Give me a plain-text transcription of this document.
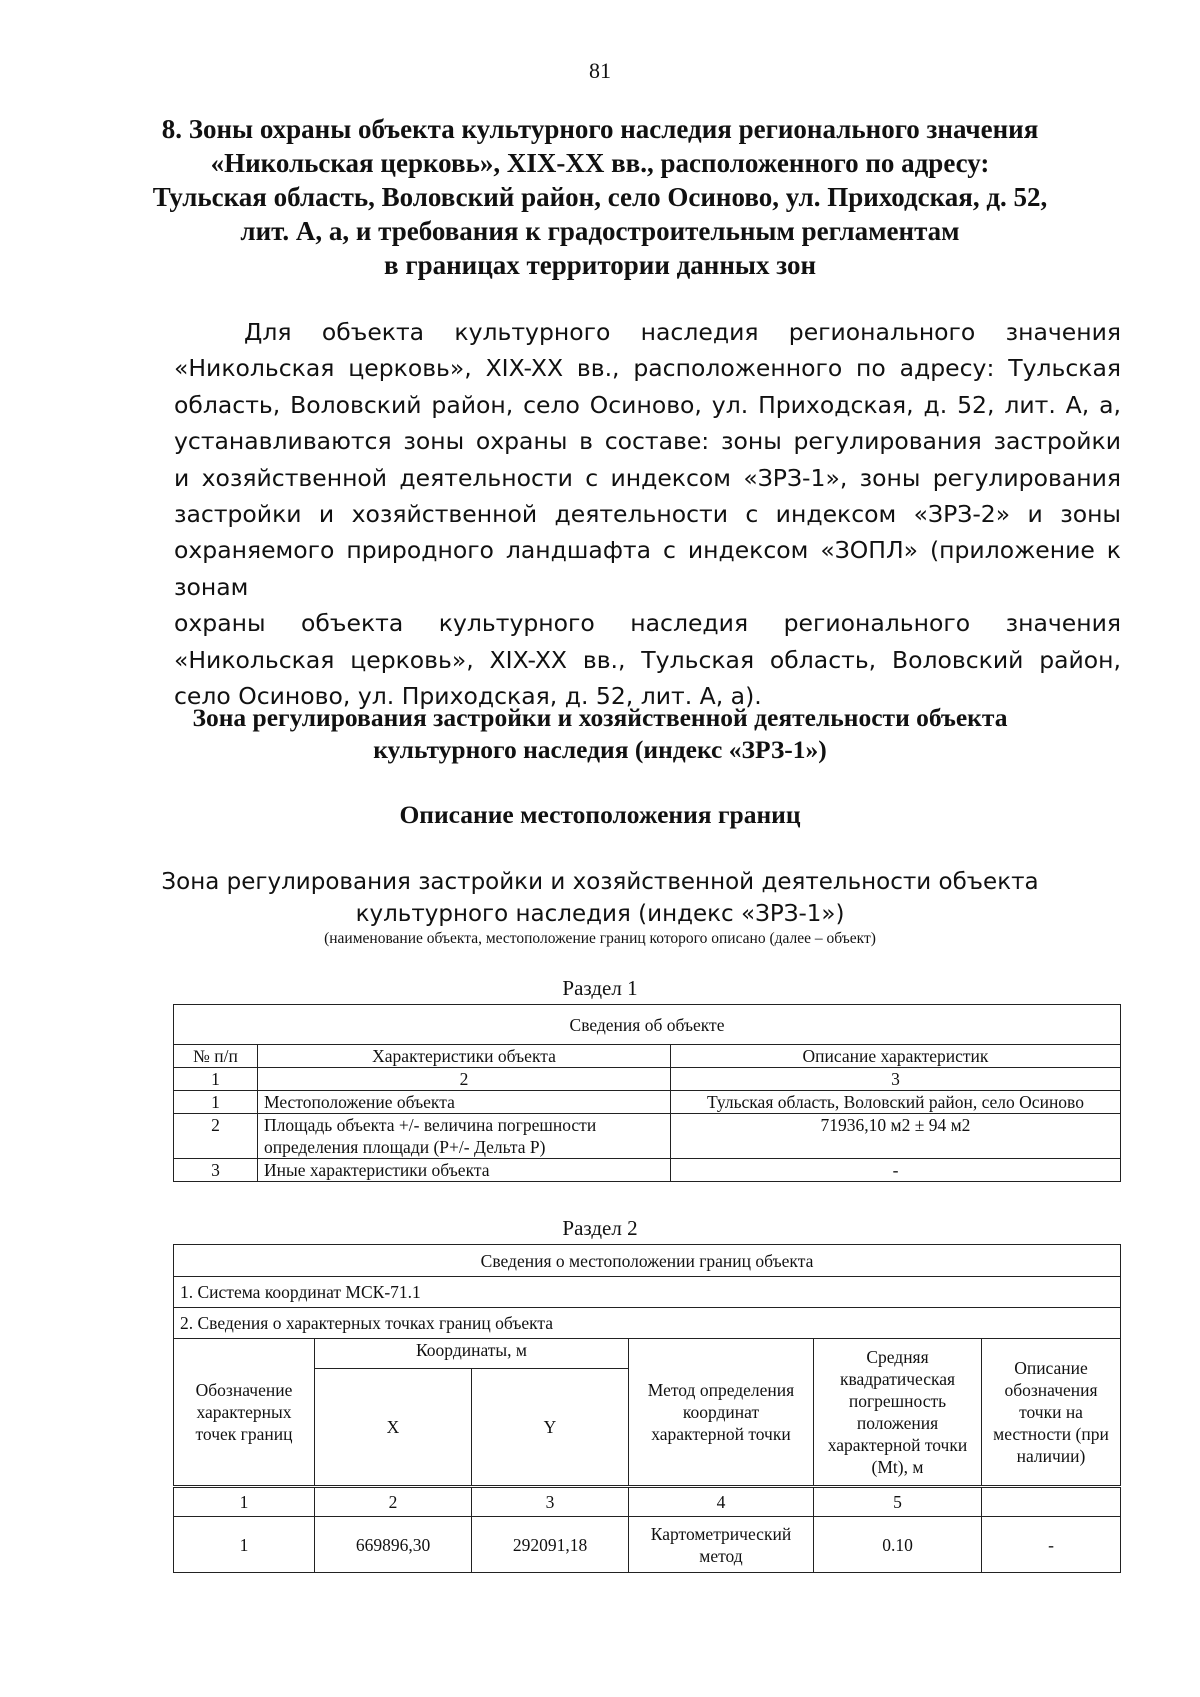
81
8. Зоны охраны объекта культурного наследия регионального значения
«Никольская церковь», XIX-XX вв., расположенного по адресу:
Тульская область, Воловский район, село Осиново, ул. Приходская, д. 52,
лит. А, а, и требования к градостроительным регламентам
в границах территории данных зон
Для объекта культурного наследия регионального значения
«Никольская церковь», XIX-XX вв., расположенного по адресу: Тульская
область, Воловский район, село Осиново, ул. Приходская, д. 52, лит. А, а,
устанавливаются зоны охраны в составе: зоны регулирования застройки
и хозяйственной деятельности с индексом «ЗРЗ-1», зоны регулирования
застройки и хозяйственной деятельности с индексом «ЗРЗ-2» и зоны
охраняемого природного ландшафта с индексом «ЗОПЛ» (приложение к зонам
охраны объекта культурного наследия регионального значения
«Никольская церковь», XIX-XX вв., Тульская область, Воловский район,
село Осиново, ул. Приходская, д. 52, лит. А, а).
Зона регулирования застройки и хозяйственной деятельности объекта
культурного наследия (индекс «ЗРЗ-1»)
Описание местоположения границ
Зона регулирования застройки и хозяйственной деятельности объекта
культурного наследия (индекс «ЗРЗ-1»)
(наименование объекта, местоположение границ которого описано (далее – объект)
Раздел 1
Сведения об объекте		
№ п/п	Характеристики объекта	Описание характеристик
1	2	3
1	Местоположение объекта	Тульская область, Воловский район, село Осиново
2	Площадь объекта +/- величина погрешности определения площади (Р+/- Дельта Р)	71936,10 м2 ± 94 м2
3	Иные характеристики объекта	-
Раздел 2
Сведения о местоположении границ объекта					
1. Система координат МСК-71.1					
2. Сведения о характерных точках границ объекта					
Обозначение характерных точек границ	Координаты, м		Метод определения координат характерной точки	Средняя квадратическая погрешность положения характерной точки (Mt), м	Описание обозначения точки на местности (при наличии)
	X	Y			
1	2	3	4	5	
1	669896,30	292091,18	Картометрический метод	0.10	-
